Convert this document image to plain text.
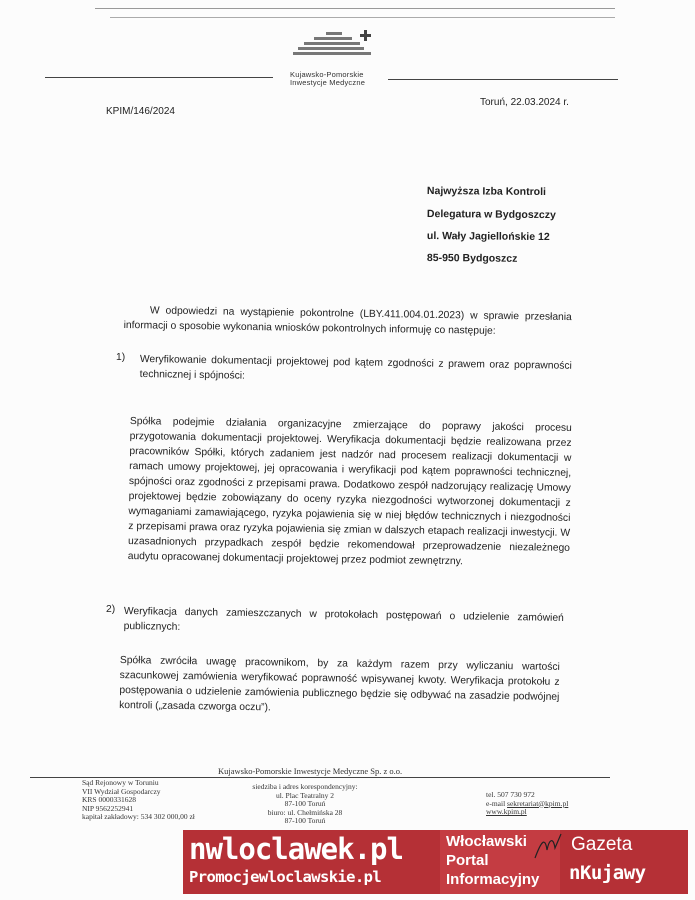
Kujawsko-Pomorskie
Inwestycje Medyczne
KPIM/146/2024
Toruń, 22.03.2024 r.
Najwyższa Izba Kontroli
Delegatura w Bydgoszczy
ul. Wały Jagiellońskie 12
85-950 Bydgoszcz
W odpowiedzi na wystąpienie pokontrolne (LBY.411.004.01.2023) w sprawie przesłania informacji o sposobie wykonania wniosków pokontrolnych informuję co następuje:
1) Weryfikowanie dokumentacji projektowej pod kątem zgodności z prawem oraz poprawności technicznej i spójności:
Spółka podejmie działania organizacyjne zmierzające do poprawy jakości procesu przygotowania dokumentacji projektowej. Weryfikacja dokumentacji będzie realizowana przez pracowników Spółki, których zadaniem jest nadzór nad procesem realizacji dokumentacji w ramach umowy projektowej, jej opracowania i weryfikacji pod kątem poprawności technicznej, spójności oraz zgodności z przepisami prawa. Dodatkowo zespół nadzorujący realizację Umowy projektowej będzie zobowiązany do oceny ryzyka niezgodności wytworzonej dokumentacji z wymaganiami zamawiającego, ryzyka pojawienia się w niej błędów technicznych i niezgodności z przepisami prawa oraz ryzyka pojawienia się zmian w dalszych etapach realizacji inwestycji. W uzasadnionych przypadkach zespół będzie rekomendował przeprowadzenie niezależnego audytu opracowanej dokumentacji projektowej przez podmiot zewnętrzny.
2) Weryfikacja danych zamieszczanych w protokołach postępowań o udzielenie zamówień publicznych:
Spółka zwróciła uwagę pracownikom, by za każdym razem przy wyliczaniu wartości szacunkowej zamówienia weryfikować poprawność wpisywanej kwoty. Weryfikacja protokołu z postępowania o udzielenie zamówienia publicznego będzie się odbywać na zasadzie podwójnej kontroli („zasada czworga oczu”).
Kujawsko-Pomorskie Inwestycje Medyczne Sp. z o.o.
Sąd Rejonowy w Toruniu
VII Wydział Gospodarczy
KRS 0000331628
NIP 9562252941
kapitał zakładowy: 534 302 000,00 zł
siedziba i adres korespondencyjny:
ul. Plac Teatralny 2
87-100 Toruń
biuro: ul. Chełmińska 28
87-100 Toruń
tel. 507 730 972
e-mail sekretariat@kpim.pl
www.kpim.pl
nwloclawek.pl
Promocjewloclawskie.pl
Włocławski
Portal
Informacyjny
Gazeta
nKujawy
